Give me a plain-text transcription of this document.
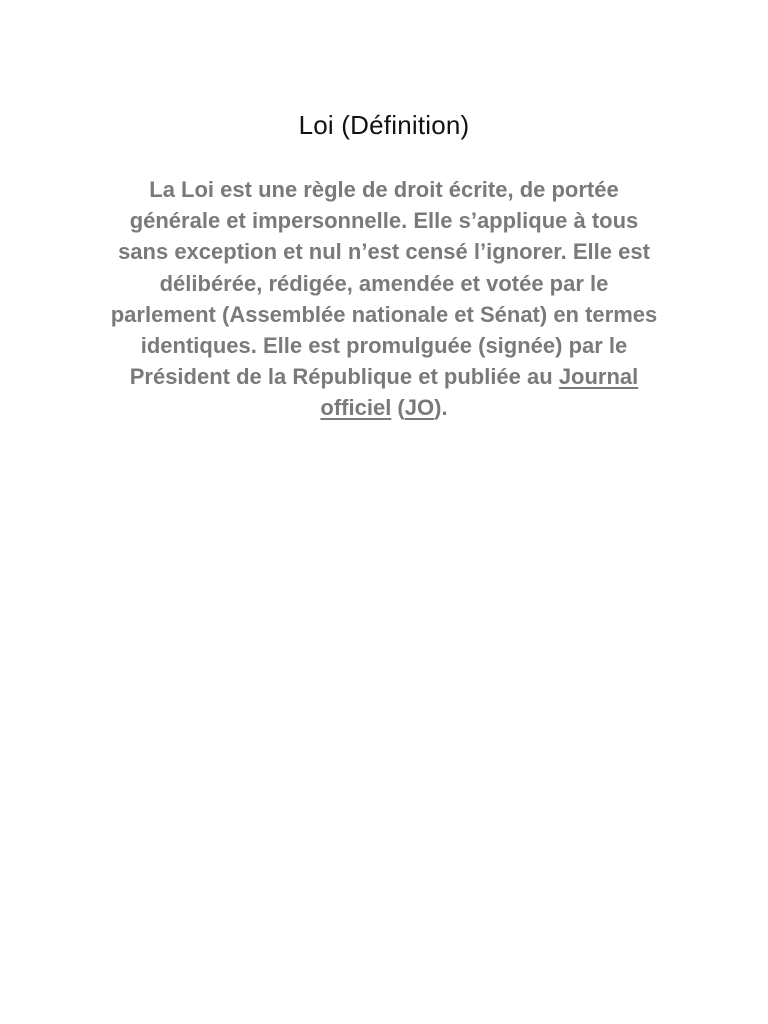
Loi (Définition)
La Loi est une règle de droit écrite, de portée générale et impersonnelle. Elle s’applique à tous sans exception et nul n’est censé l’ignorer. Elle est délibérée, rédigée, amendée et votée par le parlement (Assemblée nationale et Sénat) en termes identiques. Elle est promulguée (signée) par le Président de la République et publiée au Journal officiel (JO).
